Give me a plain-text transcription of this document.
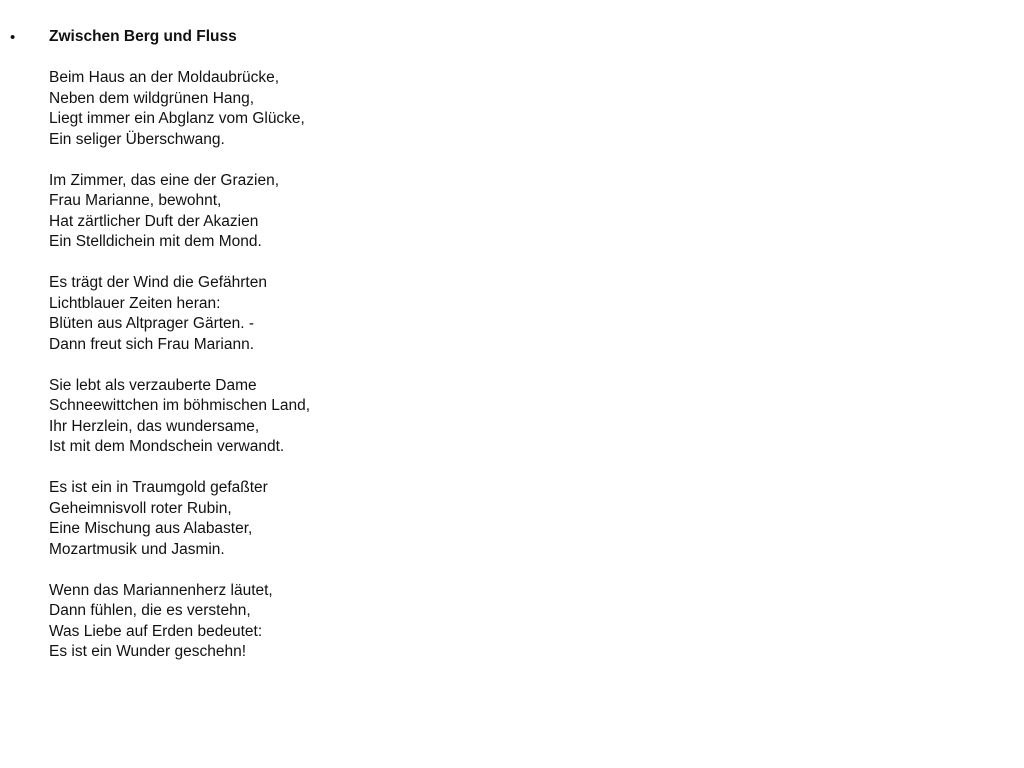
• Zwischen Berg und Fluss

Beim Haus an der Moldaubrücke,
Neben dem wildgrünen Hang,
Liegt immer ein Abglanz vom Glücke,
Ein seliger Überschwang.
Im Zimmer, das eine der Grazien,
Frau Marianne, bewohnt,
Hat zärtlicher Duft der Akazien
Ein Stelldichein mit dem Mond.
Es trägt der Wind die Gefährten
Lichtblauer Zeiten heran:
Blüten aus Altprager Gärten. -
Dann freut sich Frau Mariann.
Sie lebt als verzauberte Dame
Schneewittchen im böhmischen Land,
Ihr Herzlein, das wundersame,
Ist mit dem Mondschein verwandt.
Es ist ein in Traumgold gefaßter
Geheimnisvoll roter Rubin,
Eine Mischung aus Alabaster,
Mozartmusik und Jasmin.
Wenn das Mariannenherz läutet,
Dann fühlen, die es verstehn,
Was Liebe auf Erden bedeutet:
Es ist ein Wunder geschehn!
